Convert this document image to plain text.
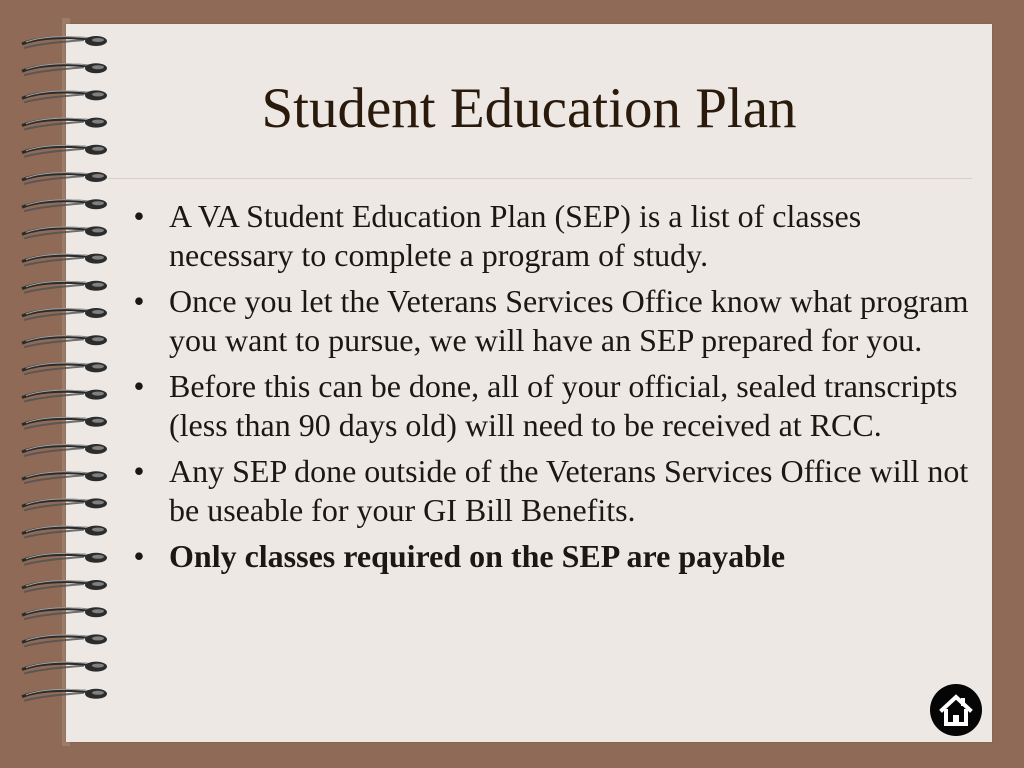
Student Education Plan
• A VA Student Education Plan (SEP) is a list of classes necessary to complete a program of study.
• Once you let the Veterans Services Office know what program you want to pursue, we will have an SEP prepared for you.
• Before this can be done, all of your official, sealed transcripts (less than 90 days old) will need to be received at RCC.
• Any SEP done outside of the Veterans Services Office will not be useable for your GI Bill Benefits.
• Only classes required on the SEP are payable
